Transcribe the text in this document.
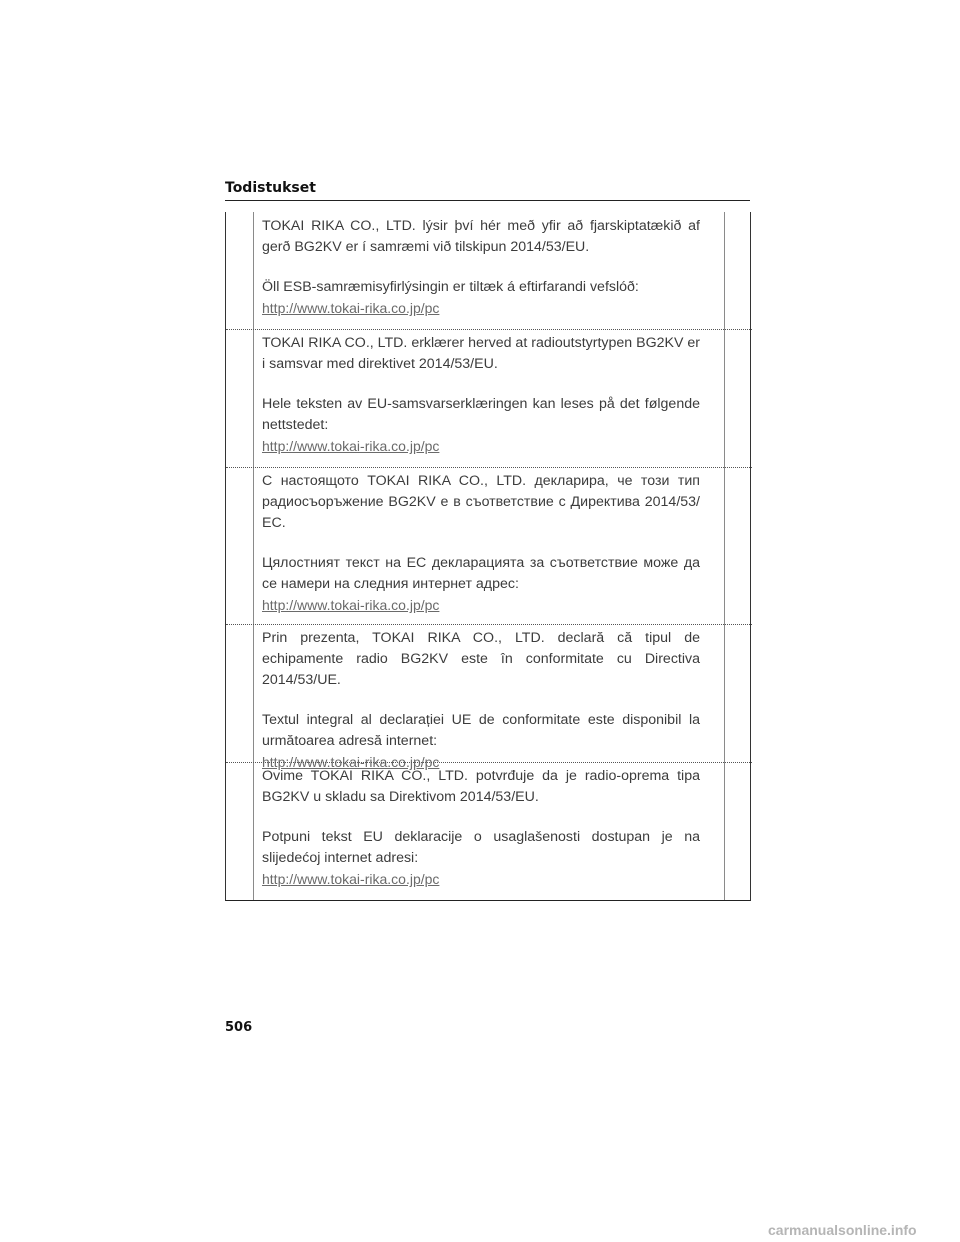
Todistukset

TOKAI RIKA CO., LTD. lýsir því hér með yfir að fjarskiptatækið af gerð BG2KV er í samræmi við tilskipun 2014/53/EU.

Öll ESB-samræmisyfirlýsingin er tiltæk á eftirfarandi vefslóð:

http://www.tokai-rika.co.jp/pc

TOKAI RIKA CO., LTD. erklærer herved at radioutstyrtypen BG2KV er i samsvar med direktivet 2014/53/EU.

Hele teksten av EU-samsvarserklæringen kan leses på det følgende nettstedet:

http://www.tokai-rika.co.jp/pc

С настоящото TOKAI RIKA CO., LTD. декларира, че този тип радиосъоръжение BG2KV е в съответствие с Директива 2014/53/ЕС.

Цялостният текст на ЕС декларацията за съответствие може да се намери на следния интернет адрес:

http://www.tokai-rika.co.jp/pc

Prin prezenta, TOKAI RIKA CO., LTD. declară că tipul de echipamente radio BG2KV este în conformitate cu Directiva 2014/53/UE.

Textul integral al declarației UE de conformitate este disponibil la următoarea adresă internet:

http://www.tokai-rika.co.jp/pc

Ovime TOKAI RIKA CO., LTD. potvrđuje da je radio-oprema tipa BG2KV u skladu sa Direktivom 2014/53/EU.

Potpuni tekst EU deklaracije o usaglašenosti dostupan je na slijedećoj internet adresi:

http://www.tokai-rika.co.jp/pc
506
carmanualsonline.info
